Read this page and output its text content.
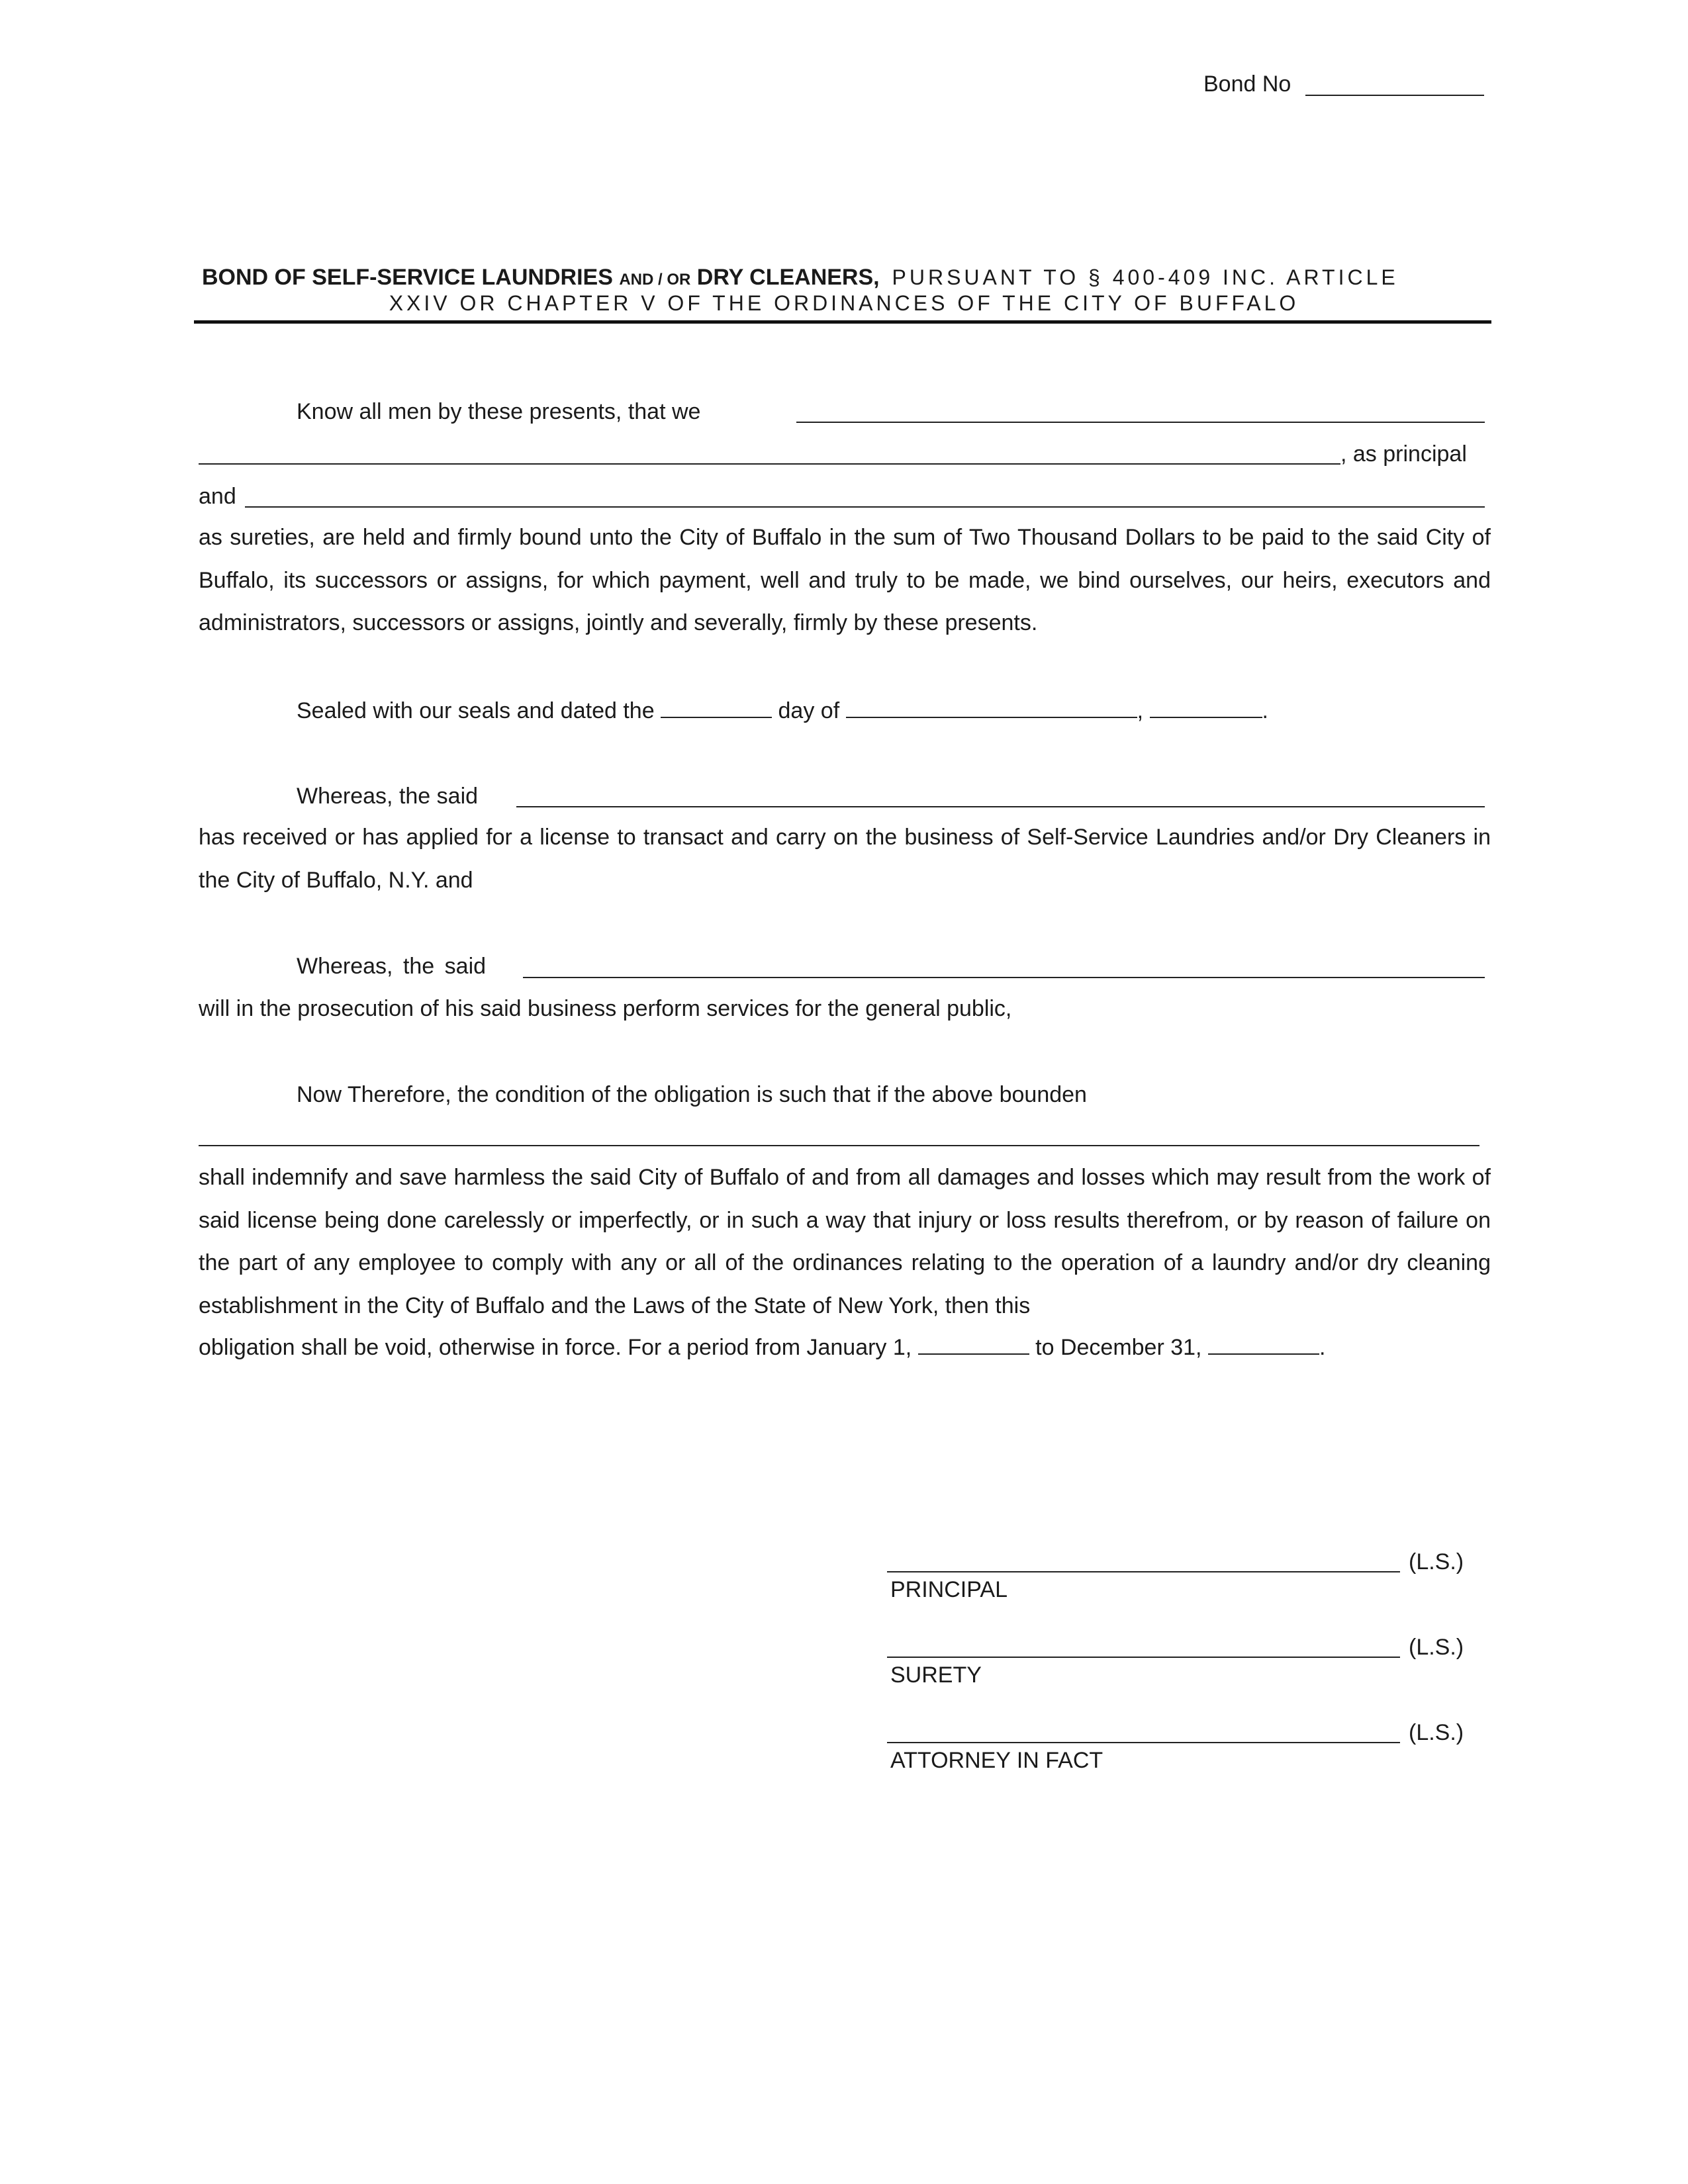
Bond No
BOND OF SELF-SERVICE LAUNDRIES AND / OR DRY CLEANERS, PURSUANT TO § 400-409 INC. ARTICLE
XXIV OR CHAPTER V OF THE ORDINANCES OF THE CITY OF BUFFALO
Know all men by these presents, that we
, as principal
and
as sureties, are held and firmly bound unto the City of Buffalo in the sum of Two Thousand Dollars to be paid to the said City of Buffalo, its successors or assigns, for which payment, well and truly to be made, we bind ourselves, our heirs, executors and administrators, successors or assigns, jointly and severally, firmly by these presents.
Sealed with our seals and dated the	day of	,	.
Whereas, the said
has received or has applied for a license to transact and carry on the business of Self-Service Laundries and/or Dry Cleaners in the City of Buffalo, N.Y. and
Whereas, the said
will in the prosecution of his said business perform services for the general public,
Now Therefore, the condition of the obligation is such that if the above bounden
shall indemnify and save harmless the said City of Buffalo of and from all damages and losses which may result from the work of said license being done carelessly or imperfectly, or in such a way that injury or loss results therefrom, or by reason of failure on the part of any employee to comply with any or all of the ordinances relating to the operation of a laundry and/or dry cleaning establishment in the City of Buffalo and the Laws of the State of New York, then this
obligation shall be void, otherwise in force. For a period from January 1,	to December 31,	.
(L.S.)
PRINCIPAL
(L.S.)
SURETY
(L.S.)
ATTORNEY IN FACT
